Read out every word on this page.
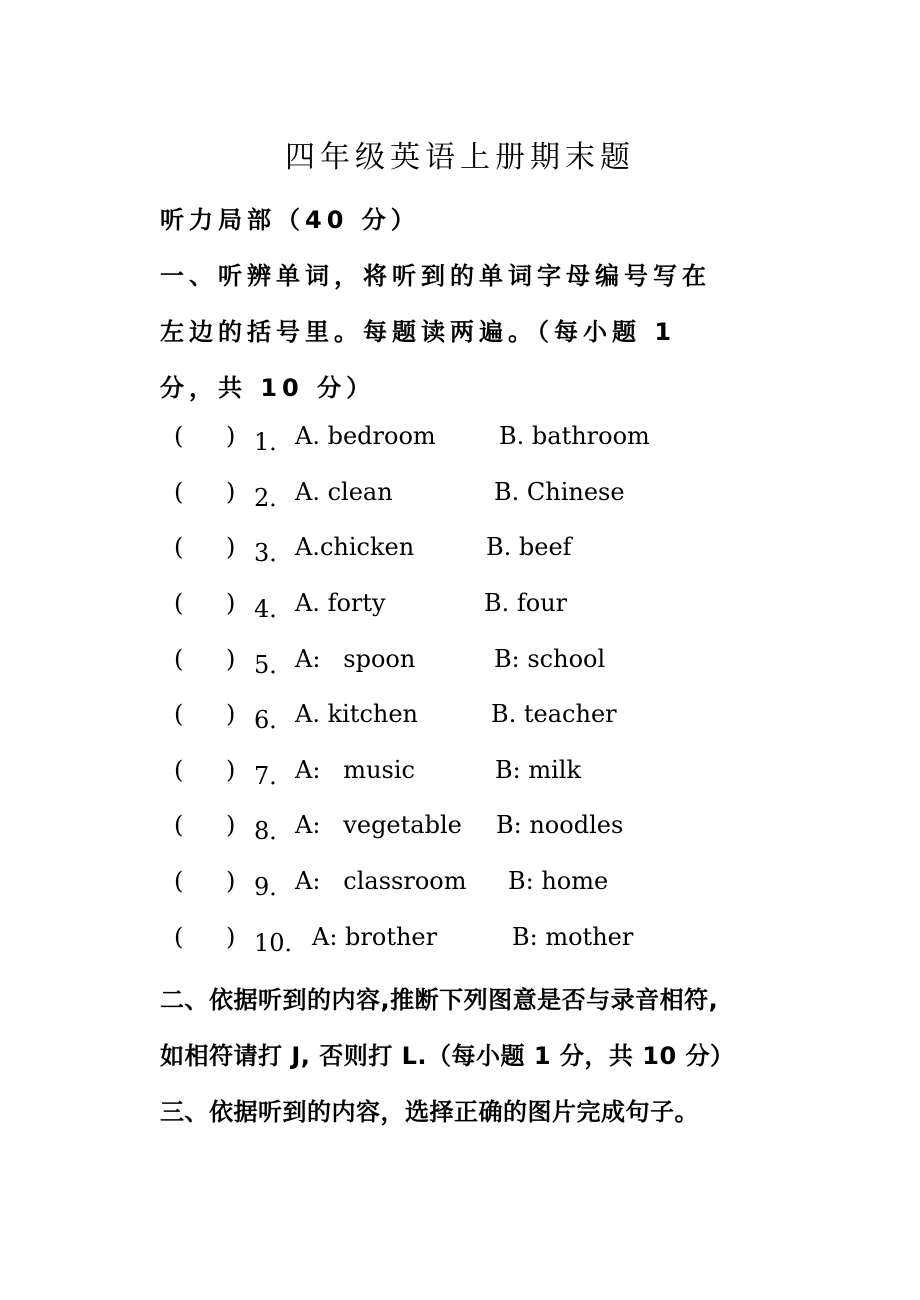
四年级英语上册期末题
听力局部（40 分）
一、听辨单词，将听到的单词字母编号写在
左边的括号里。每题读两遍。（每小题 1
分，共 10 分）
( ) 1． A. bedroom	B. bathroom
( ) 2． A. clean	B. Chinese
( ) 3． A.chicken	B. beef
( ) 4． A. forty	B. four
( ) 5． A:   spoon	B: school
( ) 6． A. kitchen	B. teacher
( ) 7． A:   music	B: milk
( ) 8． A:   vegetable B: noodles
( ) 9． A:   classroom B: home
( ) 10． A: brother	B: mother
二、依据听到的内容,推断下列图意是否与录音相符,
如相符请打 J, 否则打 L.（每小题 1 分，共 10 分）
三、依据听到的内容，选择正确的图片完成句子。
